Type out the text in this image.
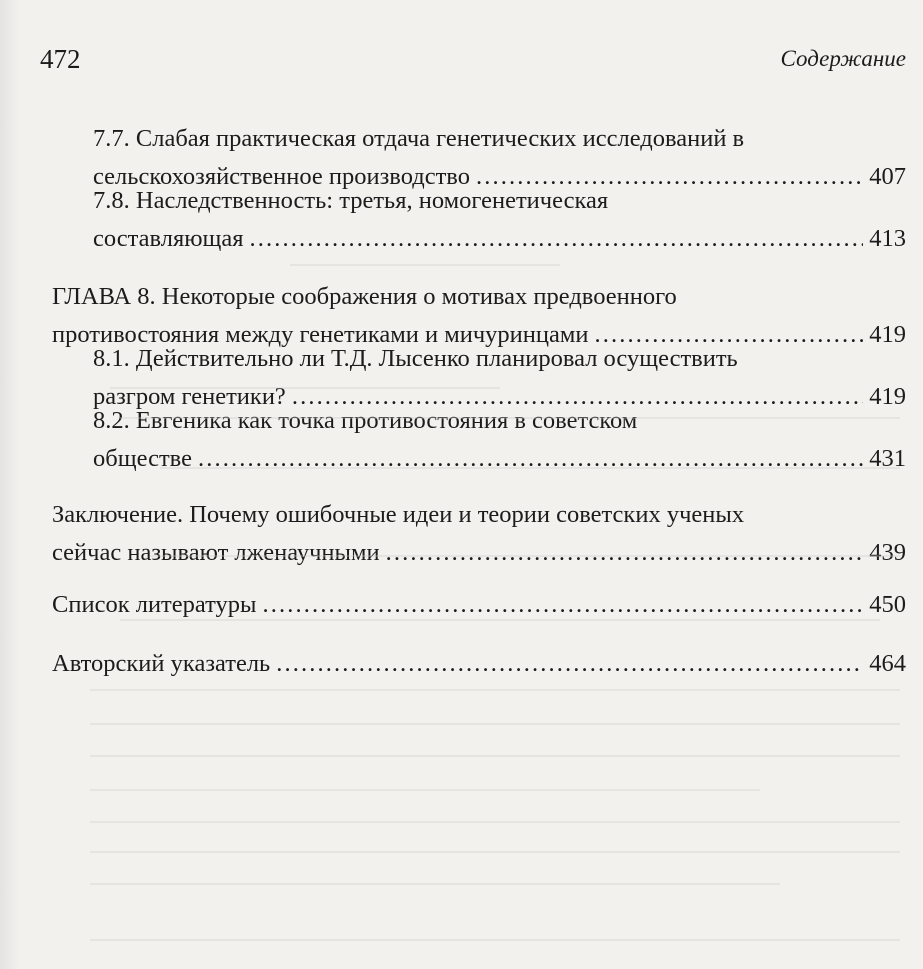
472	Содержание
7.7. Слабая практическая отдача генетических исследований в
сельскохозяйственное производство . . .	407
7.8. Наследственность: третья, номогенетическая
составляющая . . .	413
ГЛАВА 8. Некоторые соображения о мотивах предвоенного
противостояния между генетиками и мичуринцами . . .	419
8.1. Действительно ли Т.Д. Лысенко планировал осуществить
разгром генетики? . . .	419
8.2. Евгеника как точка противостояния в советском
обществе . . .	431
Заключение. Почему ошибочные идеи и теории советских ученых
сейчас называют лженаучными . . .	439
Список литературы . . .	450
Авторский указатель . . .	464
